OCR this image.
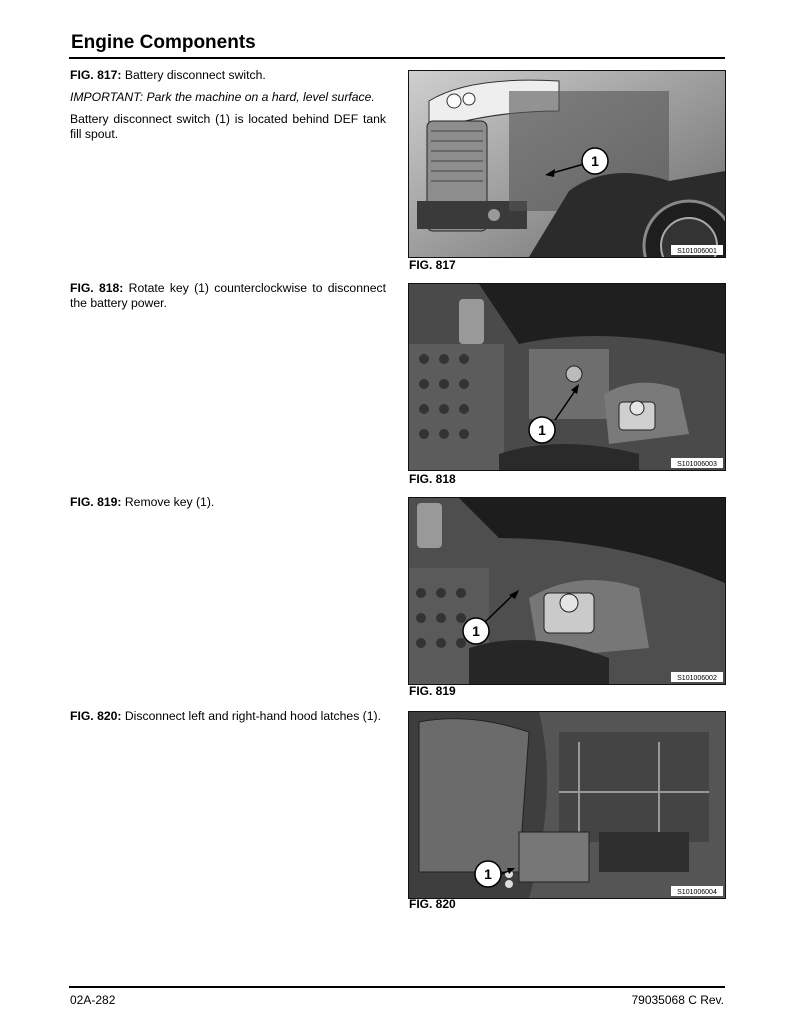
Engine Components
FIG. 817: Battery disconnect switch.
IMPORTANT: Park the machine on a hard, level surface.
Battery disconnect switch (1) is located behind DEF tank fill spout.
1
S101006001
FIG. 817
FIG. 818: Rotate key (1) counterclockwise to disconnect the battery power.
1
S101006003
FIG. 818
FIG. 819: Remove key (1).
1
S101006002
FIG. 819
FIG. 820: Disconnect left and right-hand hood latches (1).
1
S101006004
FIG. 820
02A-282	79035068 C Rev.
